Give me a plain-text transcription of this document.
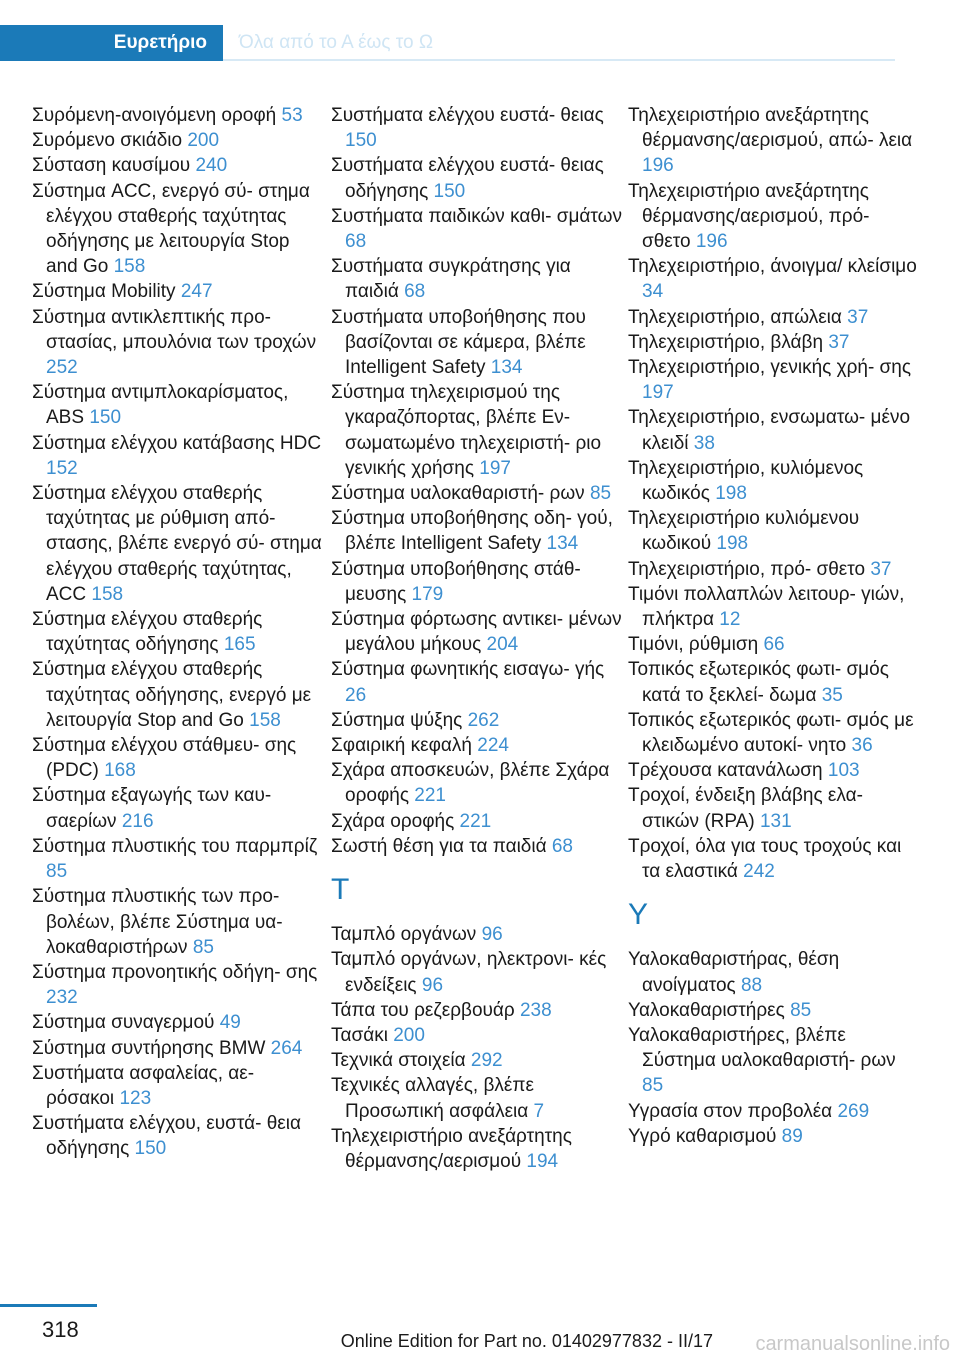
Ευρετήριο	Όλα από το Α έως το Ω
Συρόμενη-ανοιγόμενη οροφή 53
Συρόμενο σκιάδιο 200
Σύσταση καυσίμου 240
Σύστημα ACC, ενεργό σύ- στημα ελέγχου σταθερής ταχύτητας οδήγησης με λειτουργία Stop and Go 158
Σύστημα Mobility 247
Σύστημα αντικλεπτικής προ- στασίας, μπουλόνια των τροχών 252
Σύστημα αντιμπλοκαρίσματος, ABS 150
Σύστημα ελέγχου κατάβασης HDC 152
Σύστημα ελέγχου σταθερής ταχύτητας με ρύθμιση από- στασης, βλέπε ενεργό σύ- στημα ελέγχου σταθερής ταχύτητας, ACC 158
Σύστημα ελέγχου σταθερής ταχύτητας οδήγησης 165
Σύστημα ελέγχου σταθερής ταχύτητας οδήγησης, ενεργό με λειτουργία Stop and Go 158
Σύστημα ελέγχου στάθμευ- σης (PDC) 168
Σύστημα εξαγωγής των καυ- σαερίων 216
Σύστημα πλυστικής του παρμπρίζ 85
Σύστημα πλυστικής των προ- βολέων, βλέπε Σύστημα υα- λοκαθαριστήρων 85
Σύστημα προνοητικής οδήγη- σης 232
Σύστημα συναγερμού 49
Σύστημα συντήρησης BMW 264
Συστήματα ασφαλείας, αε- ρόσακοι 123
Συστήματα ελέγχου, ευστά- θεια οδήγησης 150
Συστήματα ελέγχου ευστά- θειας 150
Συστήματα ελέγχου ευστά- θειας οδήγησης 150
Συστήματα παιδικών καθι- σμάτων 68
Συστήματα συγκράτησης για παιδιά 68
Συστήματα υποβοήθησης που βασίζονται σε κάμερα, βλέπε Intelligent Safety 134
Σύστημα τηλεχειρισμού της γκαραζόπορτας, βλέπε Εν- σωματωμένο τηλεχειριστή- ριο γενικής χρήσης 197
Σύστημα υαλοκαθαριστή- ρων 85
Σύστημα υποβοήθησης οδη- γού, βλέπε Intelligent Safety 134
Σύστημα υποβοήθησης στάθ- μευσης 179
Σύστημα φόρτωσης αντικει- μένων μεγάλου μήκους 204
Σύστημα φωνητικής εισαγω- γής 26
Σύστημα ψύξης 262
Σφαιρική κεφαλή 224
Σχάρα αποσκευών, βλέπε Σχάρα οροφής 221
Σχάρα οροφής 221
Σωστή θέση για τα παιδιά 68
Τ
Ταμπλό οργάνων 96
Ταμπλό οργάνων, ηλεκτρονι- κές ενδείξεις 96
Τάπα του ρεζερβουάρ 238
Τασάκι 200
Τεχνικά στοιχεία 292
Τεχνικές αλλαγές, βλέπε Προσωπική ασφάλεια 7
Τηλεχειριστήριο ανεξάρτητης θέρμανσης/αερισμού 194
Τηλεχειριστήριο ανεξάρτητης θέρμανσης/αερισμού, απώ- λεια 196
Τηλεχειριστήριο ανεξάρτητης θέρμανσης/αερισμού, πρό- σθετο 196
Τηλεχειριστήριο, άνοιγμα/ κλείσιμο 34
Τηλεχειριστήριο, απώλεια 37
Τηλεχειριστήριο, βλάβη 37
Τηλεχειριστήριο, γενικής χρή- σης 197
Τηλεχειριστήριο, ενσωματω- μένο κλειδί 38
Τηλεχειριστήριο, κυλιόμενος κωδικός 198
Τηλεχειριστήριο κυλιόμενου κωδικού 198
Τηλεχειριστήριο, πρό- σθετο 37
Τιμόνι πολλαπλών λειτουρ- γιών, πλήκτρα 12
Τιμόνι, ρύθμιση 66
Τοπικός εξωτερικός φωτι- σμός κατά το ξεκλεί- δωμα 35
Τοπικός εξωτερικός φωτι- σμός με κλειδωμένο αυτοκί- νητο 36
Τρέχουσα κατανάλωση 103
Τροχοί, ένδειξη βλάβης ελα- στικών (RPA) 131
Τροχοί, όλα για τους τροχούς και τα ελαστικά 242
Υ
Υαλοκαθαριστήρας, θέση ανοίγματος 88
Υαλοκαθαριστήρες 85
Υαλοκαθαριστήρες, βλέπε Σύστημα υαλοκαθαριστή- ρων 85
Υγρασία στον προβολέα 269
Υγρό καθαρισμού 89
318	Online Edition for Part no. 01402977832 - II/17 carmanualsonline.info
